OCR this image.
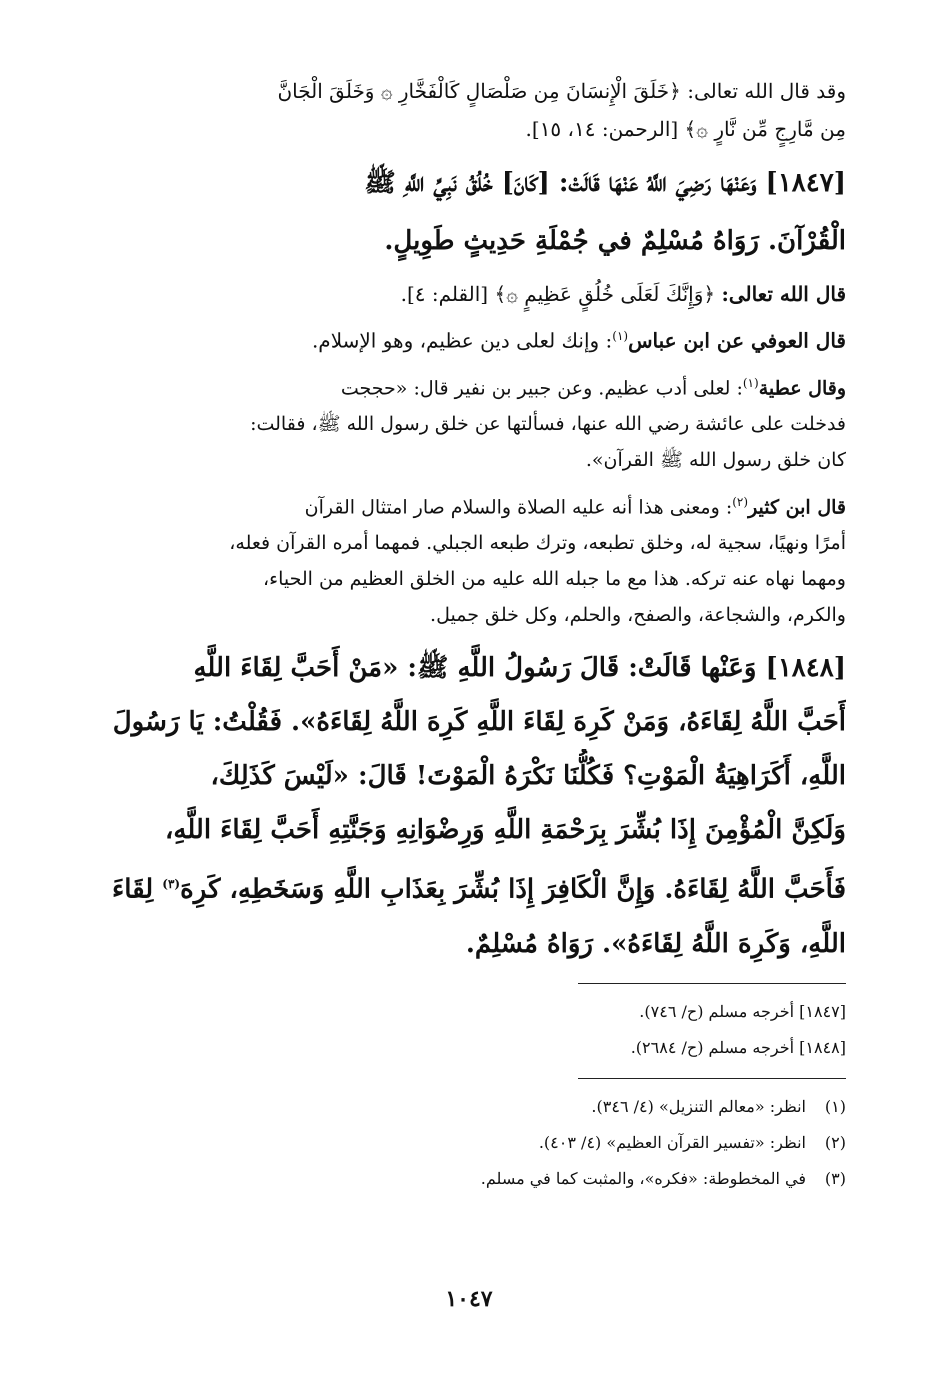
وقد قال الله تعالى: ﴿خَلَقَ الْإِنسَانَ مِن صَلْصَالٍ كَالْفَخَّارِ ۞ وَخَلَقَ الْجَانَّ
مِن مَّارِجٍ مِّن نَّارٍ ۞﴾ [الرحمن: ١٤، ١٥].

[١٨٤٧] وَعَنْهَا رَضِيَ اللَّهُ عَنْهَا قَالَتْ: [كَانَ] خُلُقُ نَبِيِّ اللَّهِ ﷺ
الْقُرْآنَ. رَوَاهُ مُسْلِمٌ في جُمْلَةِ حَدِيثٍ طَوِيلٍ.

قال الله تعالى: ﴿وَإِنَّكَ لَعَلَى خُلُقٍ عَظِيمٍ ۞﴾ [القلم: ٤].

قال العوفي عن ابن عباس$^{(١)}$: وإنك لعلى دين عظيم، وهو الإسلام.

وقال عطية$^{(١)}$: لعلى أدب عظيم. وعن جبير بن نفير قال: «حججت
فدخلت على عائشة رضي الله عنها، فسألتها عن خلق رسول الله ﷺ، فقالت:
كان خلق رسول الله ﷺ القرآن».

قال ابن كثير$^{(٢)}$: ومعنى هذا أنه عليه الصلاة والسلام صار امتثال القرآن
أمرًا ونهيًا، سجية له، وخلق تطبعه، وترك طبعه الجبلي. فمهما أمره القرآن فعله،
ومهما نهاه عنه تركه. هذا مع ما جبله الله عليه من الخلق العظيم من الحياء،
والكرم، والشجاعة، والصفح، والحلم، وكل خلق جميل.

[١٨٤٨] وَعَنْها قَالَتْ: قَالَ رَسُولُ اللَّهِ ﷺ: «مَنْ أَحَبَّ لِقَاءَ اللَّهِ
أَحَبَّ اللَّهُ لِقَاءَهُ، وَمَنْ كَرِهَ لِقَاءَ اللَّهِ كَرِهَ اللَّهُ لِقَاءَهُ». فَقُلْتُ: يَا رَسُولَ
اللَّهِ، أَكَرَاهِيَةُ الْمَوْتِ؟ فَكُلُّنَا نَكْرَهُ الْمَوْتَ! قَالَ: «لَيْسَ كَذَلِكَ،
وَلَكِنَّ الْمُؤْمِنَ إِذَا بُشِّرَ بِرَحْمَةِ اللَّهِ وَرِضْوَانِهِ وَجَنَّتِهِ أَحَبَّ لِقَاءَ اللَّهِ،
فَأَحَبَّ اللَّهُ لِقَاءَهُ. وَإِنَّ الْكَافِرَ إِذَا بُشِّرَ بِعَذَابِ اللَّهِ وَسَخَطِهِ، كَرِهَ$^{(٣)}$ لِقَاءَ
اللَّهِ، وَكَرِهَ اللَّهُ لِقَاءَهُ». رَوَاهُ مُسْلِمٌ.

[١٨٤٧] أخرجه مسلم (ح/ ٧٤٦).
[١٨٤٨] أخرجه مسلم (ح/ ٢٦٨٤).
(١)انظر: «معالم التنزيل» (٤/ ٣٤٦).
(٢)انظر: «تفسير القرآن العظيم» (٤/ ٤٠٣).
(٣)في المخطوطة: «فكره»، والمثبت كما في مسلم.
١٠٤٧
